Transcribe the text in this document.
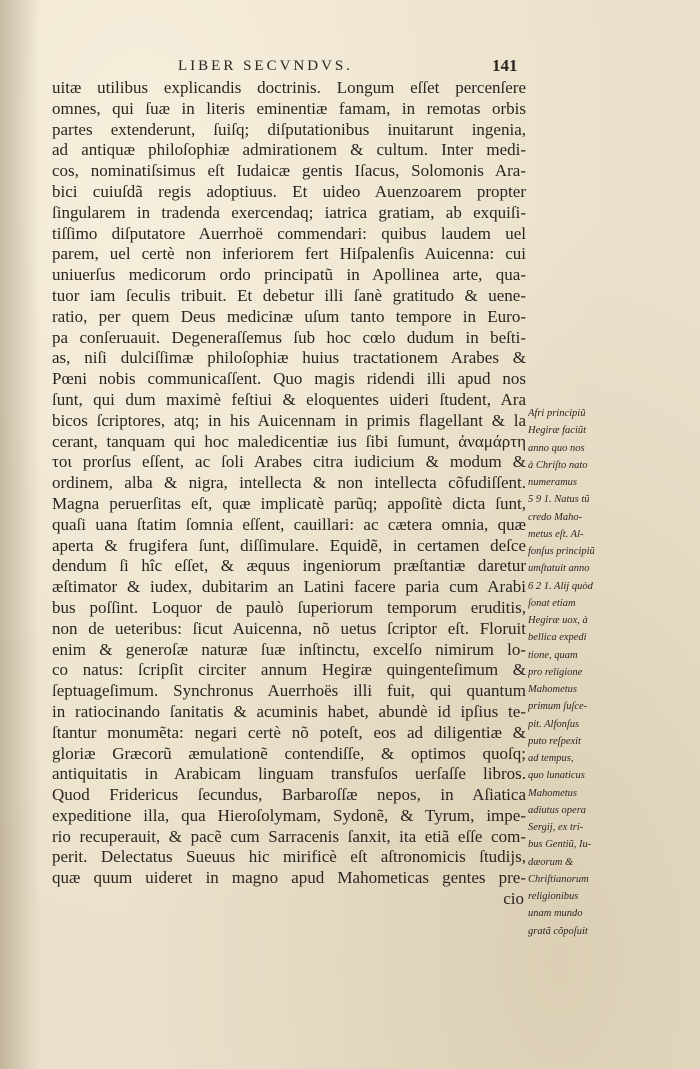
LIBER SECVNDVS.	141
uitæ utilibus explicandis doctrinis. Longum eſſet percenſere
omnes, qui ſuæ in literis eminentiæ famam, in remotas orbis
partes extenderunt, ſuiſq; diſputationibus inuitarunt ingenia,
ad antiquæ philoſophiæ admirationem & cultum. Inter medi-
cos, nominatiſsimus eſt Iudaicæ gentis Iſacus, Solomonis Ara-
bici cuiuſdã regis adoptiuus. Et uideo Auenzoarem propter
ſingularem in tradenda exercendaq; iatrica gratiam, ab exquiſi-
tiſſimo diſputatore Auerrhoë commendari: quibus laudem uel
parem, uel certè non inferiorem fert Hiſpalenſis Auicenna: cui
uniuerſus medicorum ordo principatũ in Apollinea arte, qua-
tuor iam ſeculis tribuit. Et debetur illi ſanè gratitudo & uene-
ratio, per quem Deus medicinæ uſum tanto tempore in Euro-
pa conſeruauit. Degeneraſſemus ſub hoc cœlo dudum in beſti-
as, niſi dulciſſimæ philoſophiæ huius tractationem Arabes &
Pœni nobis communicaſſent. Quo magis ridendi illi apud nos
ſunt, qui dum maximè feſtiui & eloquentes uideri ſtudent, Ara
bicos ſcriptores, atq; in his Auicennam in primis flagellant & la
cerant, tanquam qui hoc maledicentiæ ius ſibi ſumunt, ἀναμάρτη
τοι prorſus eſſent, ac ſoli Arabes citra iudicium & modum &
ordinem, alba & nigra, intellecta & non intellecta cõfudiſſent.
Magna peruerſitas eſt, quæ implicatè parũq; appoſitè dicta ſunt,
quaſi uana ſtatim ſomnia eſſent, cauillari: ac cætera omnia, quæ
aperta & frugifera ſunt, diſſimulare. Equidẽ, in certamen deſce
dendum ſi hîc eſſet, & æquus ingeniorum præſtantiæ daretur
æſtimator & iudex, dubitarim an Latini facere paria cum Arabi
bus poſſint. Loquor de paulò ſuperiorum temporum eruditis,
non de ueteribus: ſicut Auicenna, nõ uetus ſcriptor eſt. Floruit
enim & generoſæ naturæ ſuæ inſtinctu, excelſo nimirum lo-
co natus: ſcripſit circiter annum Hegiræ quingenteſimum &
ſeptuageſimum. Synchronus Auerrhoës illi fuit, qui quantum
in ratiocinando ſanitatis & acuminis habet, abundè id ipſius te-
ſtantur monumẽta: negari certè nõ poteſt, eos ad diligentiæ &
gloriæ Græcorũ æmulationẽ contendiſſe, & optimos quoſq;
antiquitatis in Arabicam linguam transfuſos uerſaſſe libros.
Quod Fridericus ſecundus, Barbaroſſæ nepos, in Aſiatica
expeditione illa, qua Hieroſolymam, Sydonẽ, & Tyrum, impe-
rio recuperauit, & pacẽ cum Sarracenis ſanxit, ita etiã eſſe com-
perit. Delectatus Sueuus hic mirificè eſt aſtronomicis ſtudijs,
quæ quum uideret in magno apud Mahometicas gentes pre-
cio
Afri principiũ
Hegiræ faciũt
anno quo nos
à Chriſto nato
numeramus
5 9 1. Natus tũ
credo Maho-
metus eſt. Al-
fonſus principiũ
umſtatuit anno
6 2 1. Alij quòd
ſonat etiam
Hegiræ uox, à
bellica expedi
tione, quam
pro religione
Mahometus
primum ſuſce-
pit. Alfonſus
puto reſpexit
ad tempus,
quo lunaticus
Mahometus
adiutus opera
Sergij, ex tri-
bus Gentiũ, Iu-
dæorum &
Chriſtianorum
religionibus
unam mundo
gratã cõpoſuit
